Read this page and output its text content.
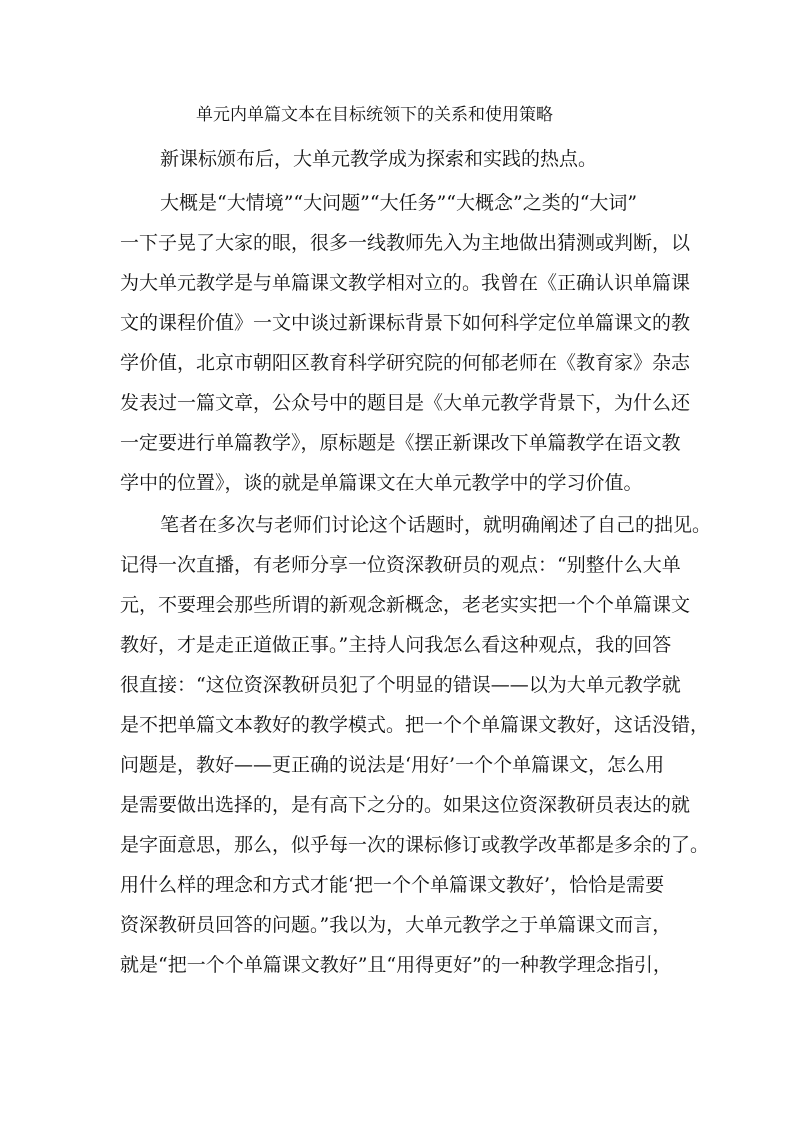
单元内单篇文本在目标统领下的关系和使用策略
新课标颁布后，大单元教学成为探索和实践的热点。
大概是“大情境”“大问题”“大任务”“大概念”之类的“大词”
一下子晃了大家的眼，很多一线教师先入为主地做出猜测或判断，以
为大单元教学是与单篇课文教学相对立的。我曾在《正确认识单篇课
文的课程价值》一文中谈过新课标背景下如何科学定位单篇课文的教
学价值，北京市朝阳区教育科学研究院的何郁老师在《教育家》杂志
发表过一篇文章，公众号中的题目是《大单元教学背景下，为什么还
一定要进行单篇教学》，原标题是《摆正新课改下单篇教学在语文教
学中的位置》，谈的就是单篇课文在大单元教学中的学习价值。
笔者在多次与老师们讨论这个话题时，就明确阐述了自己的拙见。
记得一次直播，有老师分享一位资深教研员的观点：“别整什么大单
元，不要理会那些所谓的新观念新概念，老老实实把一个个单篇课文
教好，才是走正道做正事。”主持人问我怎么看这种观点，我的回答
很直接：“这位资深教研员犯了个明显的错误——以为大单元教学就
是不把单篇文本教好的教学模式。把一个个单篇课文教好，这话没错，
问题是，教好——更正确的说法是‘用好’一个个单篇课文，怎么用
是需要做出选择的，是有高下之分的。如果这位资深教研员表达的就
是字面意思，那么，似乎每一次的课标修订或教学改革都是多余的了。
用什么样的理念和方式才能‘把一个个单篇课文教好’，恰恰是需要
资深教研员回答的问题。”我以为，大单元教学之于单篇课文而言，
就是“把一个个单篇课文教好”且“用得更好”的一种教学理念指引，
